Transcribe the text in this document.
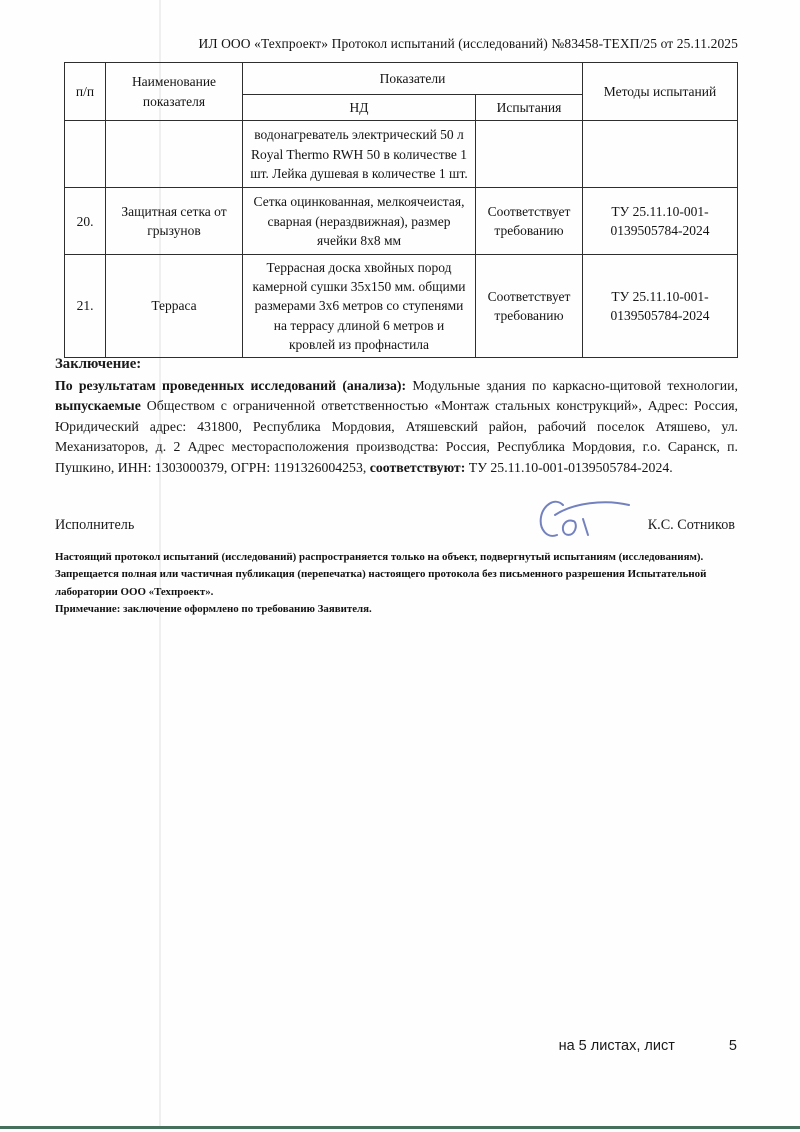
ИЛ ООО «Техпроект» Протокол испытаний (исследований) №83458-ТЕХП/25 от 25.11.2025
п/п	Наименование показателя	Показатели		Методы испытаний
		НД	Испытания	
		водонагреватель электрический 50 л Royal Thermo RWH 50 в количестве 1 шт. Лейка душевая в количестве 1 шт.		
20.	Защитная сетка от грызунов	Сетка оцинкованная, мелкоячеистая, сварная (нераздвижная), размер ячейки 8х8 мм	Соответствует требованию	ТУ 25.11.10-001-0139505784-2024
21.	Терраса	Террасная доска хвойных пород камерной сушки 35х150 мм. общими размерами 3х6 метров со ступенями на террасу длиной 6 метров и кровлей из профнастила	Соответствует требованию	ТУ 25.11.10-001-0139505784-2024
Заключение:

По результатам проведенных исследований (анализа): Модульные здания по каркасно-щитовой технологии, выпускаемые Обществом с ограниченной ответственностью «Монтаж стальных конструкций», Адрес: Россия, Юридический адрес: 431800, Республика Мордовия, Атяшевский район, рабочий поселок Атяшево, ул. Механизаторов, д. 2 Адрес месторасположения производства: Россия, Республика Мордовия, г.о. Саранск, п. Пушкино, ИНН: 1303000379, ОГРН: 1191326004253, соответствуют: ТУ 25.11.10-001-0139505784-2024.

Исполнитель	К.С. Сотников

Настоящий протокол испытаний (исследований) распространяется только на объект, подвергнутый испытаниям (исследованиям).

Запрещается полная или частичная публикация (перепечатка) настоящего протокола без письменного разрешения Испытательной лаборатории ООО «Техпроект».

Примечание: заключение оформлено по требованию Заявителя.

на 5 листах, лист	5
